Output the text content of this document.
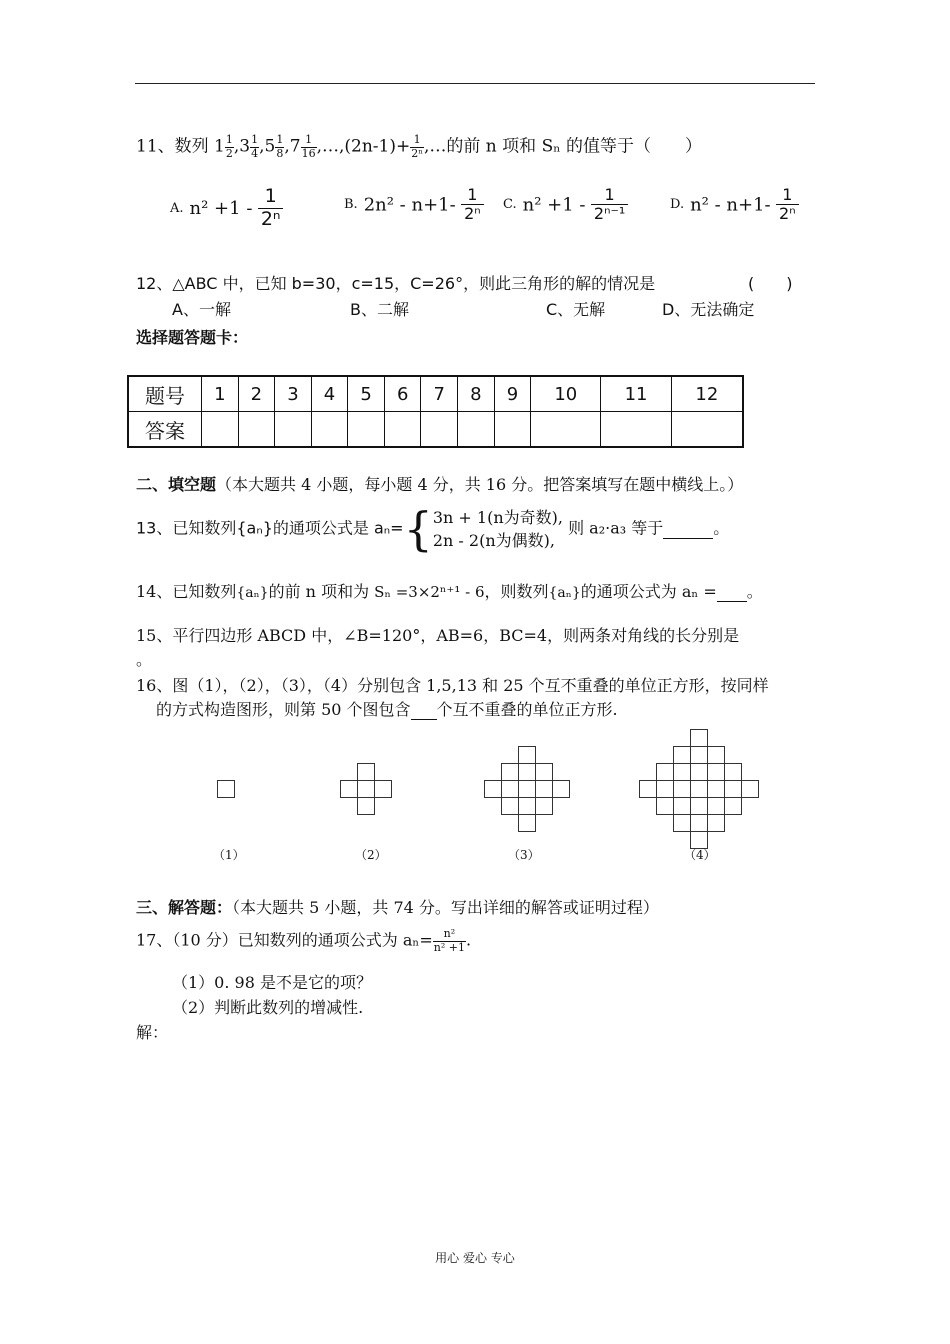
11、数列 $1 \frac{1}{2} ,3 \frac{1}{4} ,5 \frac{1}{8} ,7 \frac{1}{16}$ ,…,(2n-1)+ $\frac{1}{\text{2ⁿ}}$ ,…的前 n 项和 Sₙ 的值等于（　　）
A. $n^2 +1 - \frac{1}{\text{2ⁿ}}$	B. $2n^2 - n+1- \frac{1}{\text{2ⁿ}} C$. $n^2 +1 - \frac{1}{\text{2ⁿ⁻¹}}$	D. $n^2 - n+1- \frac{1}{\text{2ⁿ}}$
12、△ABC 中，已知 b=30，c=15，C=26°，则此三角形的解的情况是	(　　)
A、一解	B、二解	C、无解	D、无法确定
选择题答题卡：
题号	1	2	3	4	5	6	7	8	9	10	11	12
答案												
二、填空题（本大题共 4 小题，每小题 4 分，共 16 分。把答案填写在题中横线上。）
13、已知数列{aₙ}的通项公式是 aₙ={ 3n + 1(n为奇数),
2n - 2(n为偶数),
则 a₂·a₃ 等于	。
14、已知数列{aₙ}的前 n 项和为 Sₙ =3×2ⁿ⁺¹ - 6，则数列{aₙ}的通项公式为 aₙ = 。
15、平行四边形 ABCD 中，∠B=120°，AB=6，BC=4，则两条对角线的长分别是
。
16、图（1），（2），（3），（4）分别包含 1,5,13 和 25 个互不重叠的单位正方形，按同样
的方式构造图形，则第 50 个图包含 个互不重叠的单位正方形.
（1）	（2）	（3）	（4）
三、解答题：（本大题共 5 小题，共 74 分。写出详细的解答或证明过程）
17、（10 分）已知数列的通项公式为 $a_n= \frac{\text{n²}}{\text{n² +1}}$ .
（1）0. 98 是不是它的项？
（2）判断此数列的增减性.
解：
用心 爱心 专心
